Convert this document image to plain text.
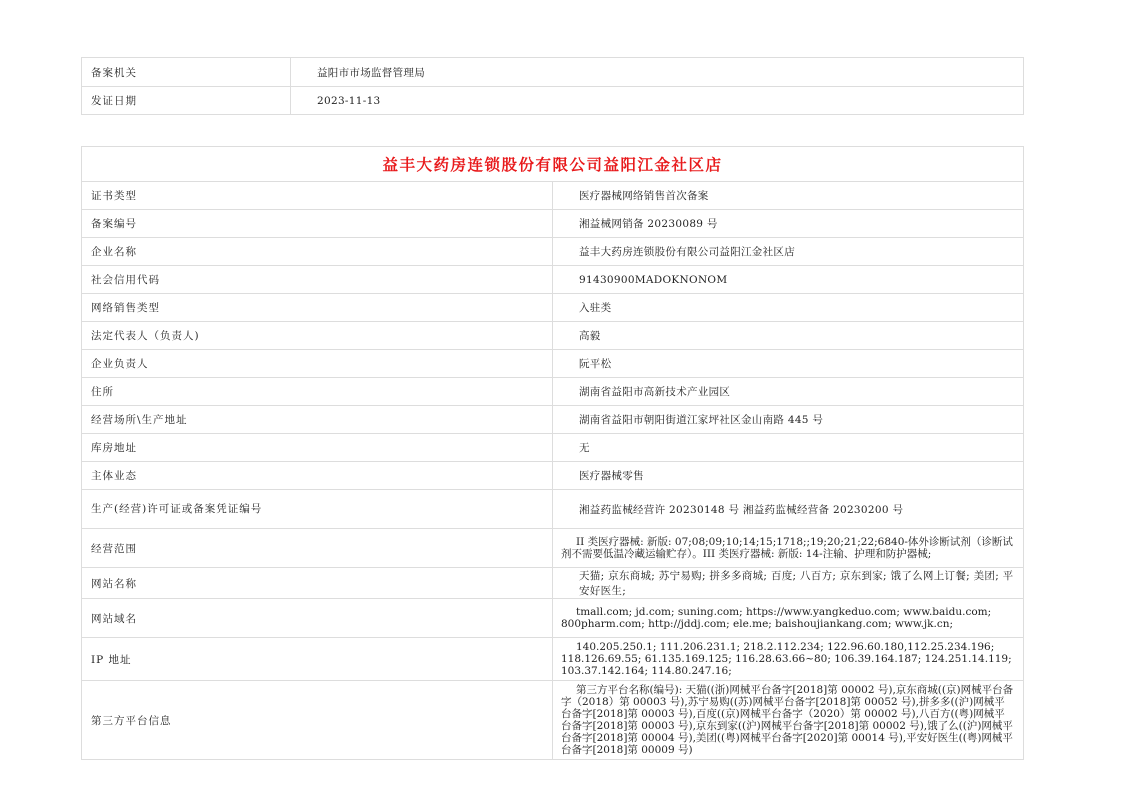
备案机关	益阳市市场监督管理局
发证日期	2023-11-13
益丰大药房连锁股份有限公司益阳江金社区店	
证书类型	医疗器械网络销售首次备案
备案编号	湘益械网销备 20230089 号
企业名称	益丰大药房连锁股份有限公司益阳江金社区店
社会信用代码	91430900MADOKNONOM
网络销售类型	入驻类
法定代表人（负责人)	高毅
企业负责人	阮平松
住所	湖南省益阳市高新技术产业园区
经营场所\生产地址	湖南省益阳市朝阳街道江家坪社区金山南路 445 号
库房地址	无
主体业态	医疗器械零售
生产(经营)许可证或备案凭证编号	湘益药监械经营许 20230148 号 湘益药监械经营备 20230200 号
经营范围	II 类医疗器械: 新版: 07;08;09;10;14;15;1718;;19;20;21;22;6840-体外诊断试剂（诊断试剂不需要低温冷藏运输贮存）。III 类医疗器械: 新版: 14-注输、护理和防护器械;

网站名称	天猫; 京东商城; 苏宁易购; 拼多多商城; 百度; 八百方; 京东到家; 饿了么网上订餐; 美团; 平安好医生;
网站域名	tmall.com; jd.com; suning.com; https://www.yangkeduo.com; www.baidu.com; 800pharm.com; http://jddj.com; ele.me; baishoujiankang.com; www.jk.cn;

IP 地址	140.205.250.1; 111.206.231.1; 218.2.112.234; 122.96.60.180,112.25.234.196; 118.126.69.55; 61.135.169.125; 116.28.63.66~80; 106.39.164.187; 124.251.14.119; 103.37.142.164; 114.80.247.16;

第三方平台信息	第三方平台名称(编号): 天猫((浙)网械平台备字[2018]第 00002 号),京东商城((京)网械平台备字（2018）第 00003 号),苏宁易购((苏)网械平台备字[2018]第 00052 号),拼多多((沪)网械平台备字[2018]第 00003 号),百度((京)网械平台备字（2020）第 00002 号),八百方((粤)网械平台备字[2018]第 00003 号),京东到家((沪)网械平台备字[2018]第 00002 号),饿了么((沪)网械平台备字[2018]第 00004 号),美团((粤)网械平台备字[2020]第 00014 号),平安好医生((粤)网械平台备字[2018]第 00009 号)
